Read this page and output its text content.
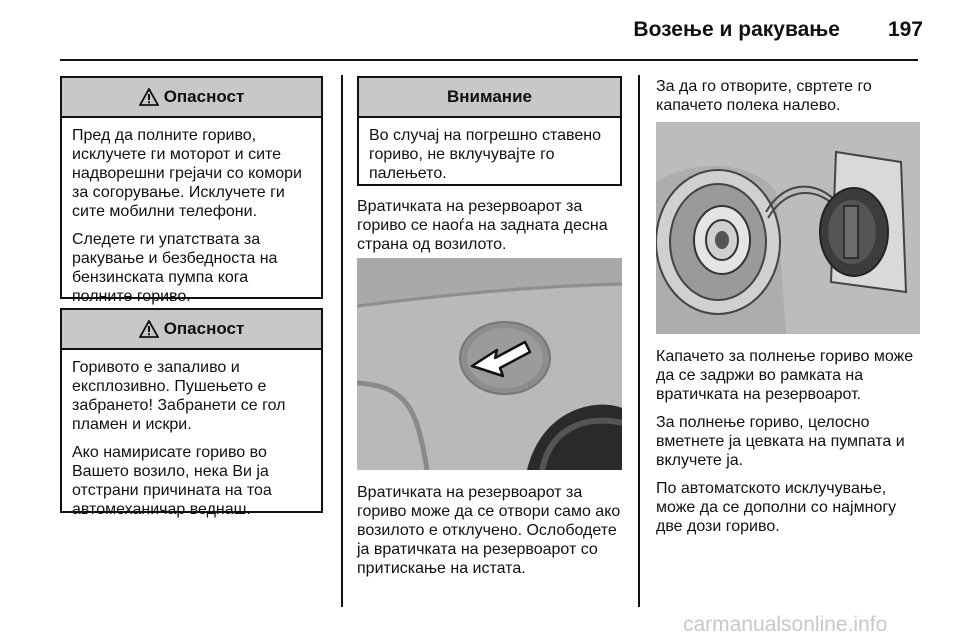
Возење и ракување	197
Опасност

Пред да полните гориво, исклучете ги моторот и сите надворешни грејачи со комори за согорување. Исклучете ги сите мобилни телефони.

Следете ги упатствата за ракување и безбедноста на бензинската пумпа кога полните гориво.

Опасност

Горивото е запаливо и експлозивно. Пушењето е забрането! Забранети се гол пламен и искри.

Ако намирисате гориво во Вашето возило, нека Ви ја отстрани причината на тоа автомеханичар веднаш.

Внимание

Во случај на погрешно ставено гориво, не вклучувајте го палењето.

Вратичката на резервоарот за гориво се наоѓа на задната десна страна од возилото.

Вратичката на резервоарот за гориво може да се отвори само ако возилото е отклучено. Ослободете ја вратичката на резервоарот со притискање на истата.

За да го отворите, свртете го капачето полека налево.

Капачето за полнење гориво може да се задржи во рамката на вратичката на резервоарот.

За полнење гориво, целосно вметнете ја цевката на пумпата и вклучете ја.

По автоматското исклучување, може да се дополни со најмногу две дози гориво.

carmanualsonline.info
